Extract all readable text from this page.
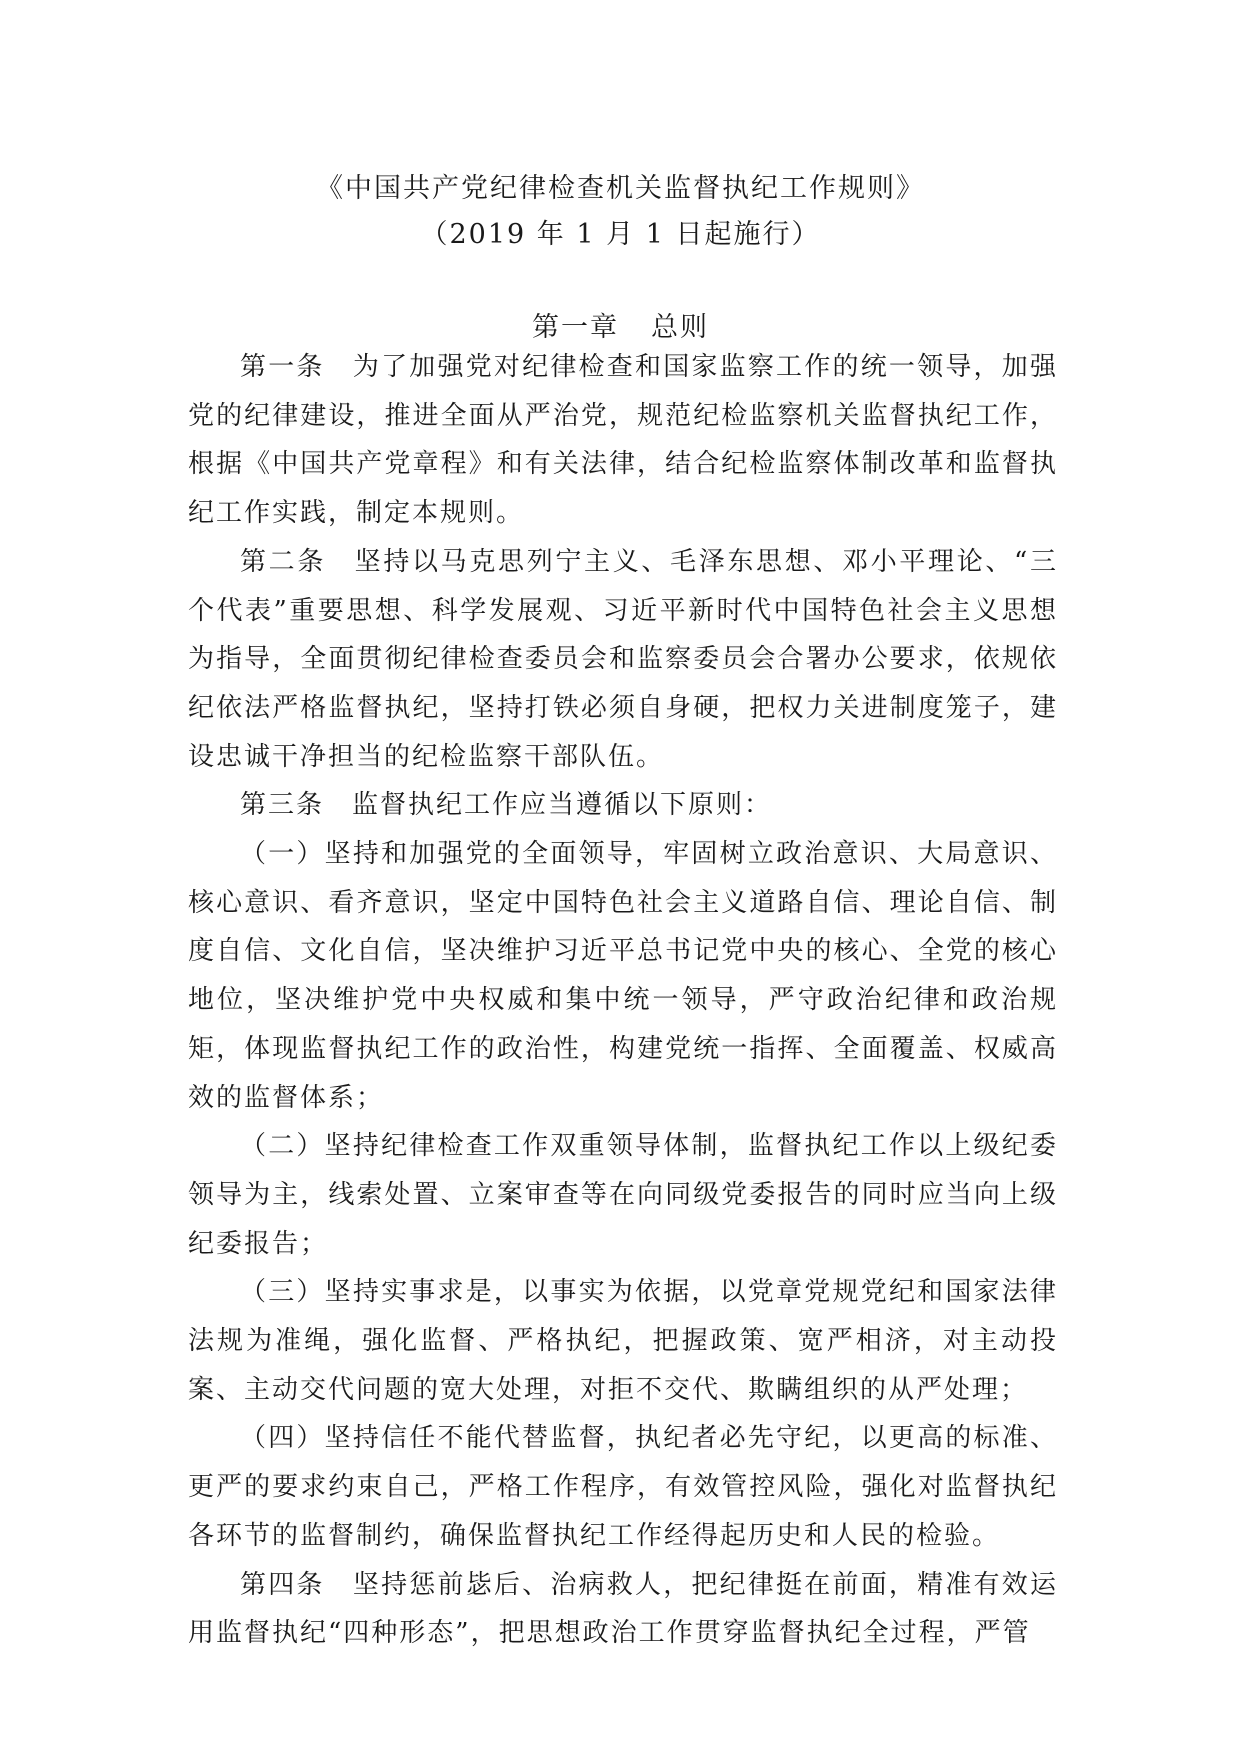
《中国共产党纪律检查机关监督执纪工作规则》
（2019 年 1 月 1 日起施行）
第一章 总则

第一条 为了加强党对纪律检查和国家监察工作的统一领导，加强党的纪律建设，推进全面从严治党，规范纪检监察机关监督执纪工作，根据《中国共产党章程》和有关法律，结合纪检监察体制改革和监督执纪工作实践，制定本规则。

第二条 坚持以马克思列宁主义、毛泽东思想、邓小平理论、“三个代表”重要思想、科学发展观、习近平新时代中国特色社会主义思想为指导，全面贯彻纪律检查委员会和监察委员会合署办公要求，依规依纪依法严格监督执纪，坚持打铁必须自身硬，把权力关进制度笼子，建设忠诚干净担当的纪检监察干部队伍。

第三条 监督执纪工作应当遵循以下原则：

（一）坚持和加强党的全面领导，牢固树立政治意识、大局意识、核心意识、看齐意识，坚定中国特色社会主义道路自信、理论自信、制度自信、文化自信，坚决维护习近平总书记党中央的核心、全党的核心地位，坚决维护党中央权威和集中统一领导，严守政治纪律和政治规矩，体现监督执纪工作的政治性，构建党统一指挥、全面覆盖、权威高效的监督体系；

（二）坚持纪律检查工作双重领导体制，监督执纪工作以上级纪委领导为主，线索处置、立案审查等在向同级党委报告的同时应当向上级纪委报告；

（三）坚持实事求是，以事实为依据，以党章党规党纪和国家法律法规为准绳，强化监督、严格执纪，把握政策、宽严相济，对主动投案、主动交代问题的宽大处理，对拒不交代、欺瞒组织的从严处理；

（四）坚持信任不能代替监督，执纪者必先守纪，以更高的标准、更严的要求约束自己，严格工作程序，有效管控风险，强化对监督执纪各环节的监督制约，确保监督执纪工作经得起历史和人民的检验。

第四条 坚持惩前毖后、治病救人，把纪律挺在前面，精准有效运用监督执纪“四种形态”，把思想政治工作贯穿监督执纪全过程，严管
